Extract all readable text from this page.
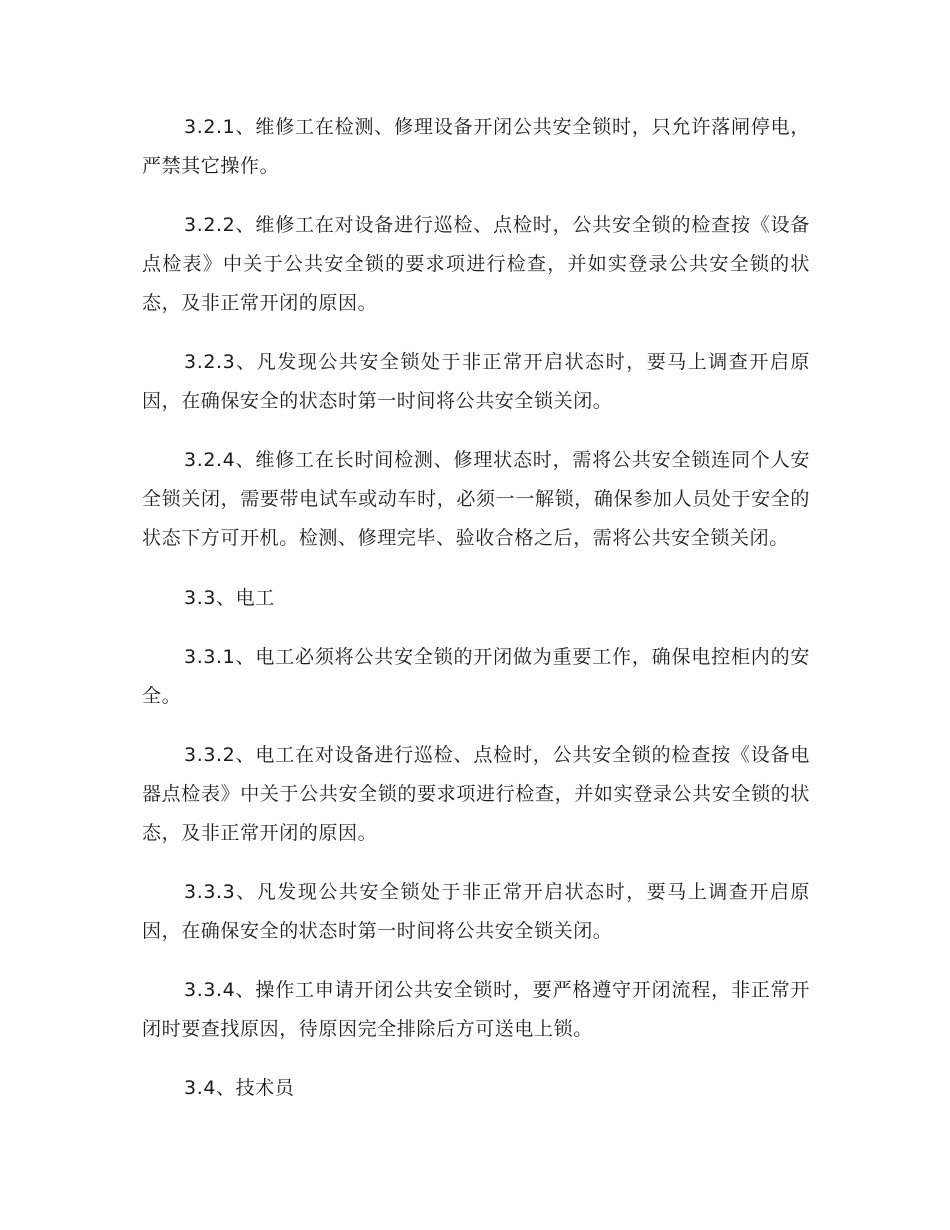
3.2.1、维修工在检测、修理设备开闭公共安全锁时，只允许落闸停电，严禁其它操作。

3.2.2、维修工在对设备进行巡检、点检时，公共安全锁的检查按《设备点检表》中关于公共安全锁的要求项进行检查，并如实登录公共安全锁的状态，及非正常开闭的原因。

3.2.3、凡发现公共安全锁处于非正常开启状态时，要马上调查开启原因，在确保安全的状态时第一时间将公共安全锁关闭。

3.2.4、维修工在长时间检测、修理状态时，需将公共安全锁连同个人安全锁关闭，需要带电试车或动车时，必须一一解锁，确保参加人员处于安全的状态下方可开机。检测、修理完毕、验收合格之后，需将公共安全锁关闭。

3.3、电工

3.3.1、电工必须将公共安全锁的开闭做为重要工作，确保电控柜内的安全。

3.3.2、电工在对设备进行巡检、点检时，公共安全锁的检查按《设备电器点检表》中关于公共安全锁的要求项进行检查，并如实登录公共安全锁的状态，及非正常开闭的原因。

3.3.3、凡发现公共安全锁处于非正常开启状态时，要马上调查开启原因，在确保安全的状态时第一时间将公共安全锁关闭。

3.3.4、操作工申请开闭公共安全锁时，要严格遵守开闭流程，非正常开闭时要查找原因，待原因完全排除后方可送电上锁。

3.4、技术员
